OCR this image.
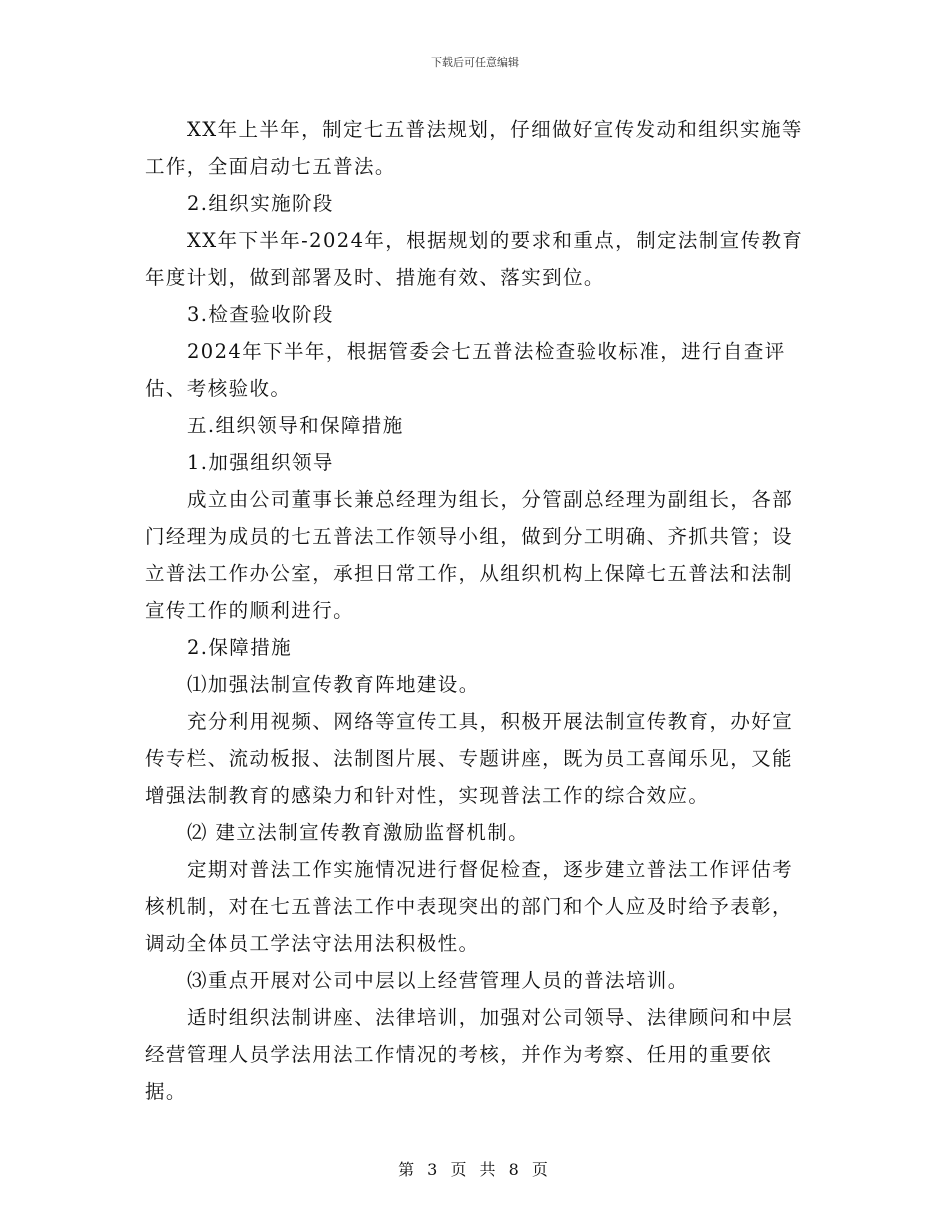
下载后可任意编辑

XX年上半年，制定七五普法规划，仔细做好宣传发动和组织实施等工作，全面启动七五普法。

2.组织实施阶段

XX年下半年-2024年，根据规划的要求和重点，制定法制宣传教育年度计划，做到部署及时、措施有效、落实到位。

3.检查验收阶段

2024年下半年，根据管委会七五普法检查验收标准，进行自查评估、考核验收。

五.组织领导和保障措施

1.加强组织领导

成立由公司董事长兼总经理为组长，分管副总经理为副组长，各部门经理为成员的七五普法工作领导小组，做到分工明确、齐抓共管；设立普法工作办公室，承担日常工作，从组织机构上保障七五普法和法制宣传工作的顺利进行。

2.保障措施

⑴加强法制宣传教育阵地建设。

充分利用视频、网络等宣传工具，积极开展法制宣传教育，办好宣传专栏、流动板报、法制图片展、专题讲座，既为员工喜闻乐见，又能增强法制教育的感染力和针对性，实现普法工作的综合效应。

⑵ 建立法制宣传教育激励监督机制。

定期对普法工作实施情况进行督促检查，逐步建立普法工作评估考核机制，对在七五普法工作中表现突出的部门和个人应及时给予表彰，调动全体员工学法守法用法积极性。

⑶重点开展对公司中层以上经营管理人员的普法培训。

适时组织法制讲座、法律培训，加强对公司领导、法律顾问和中层经营管理人员学法用法工作情况的考核，并作为考察、任用的重要依据。

第 3 页 共 8 页
